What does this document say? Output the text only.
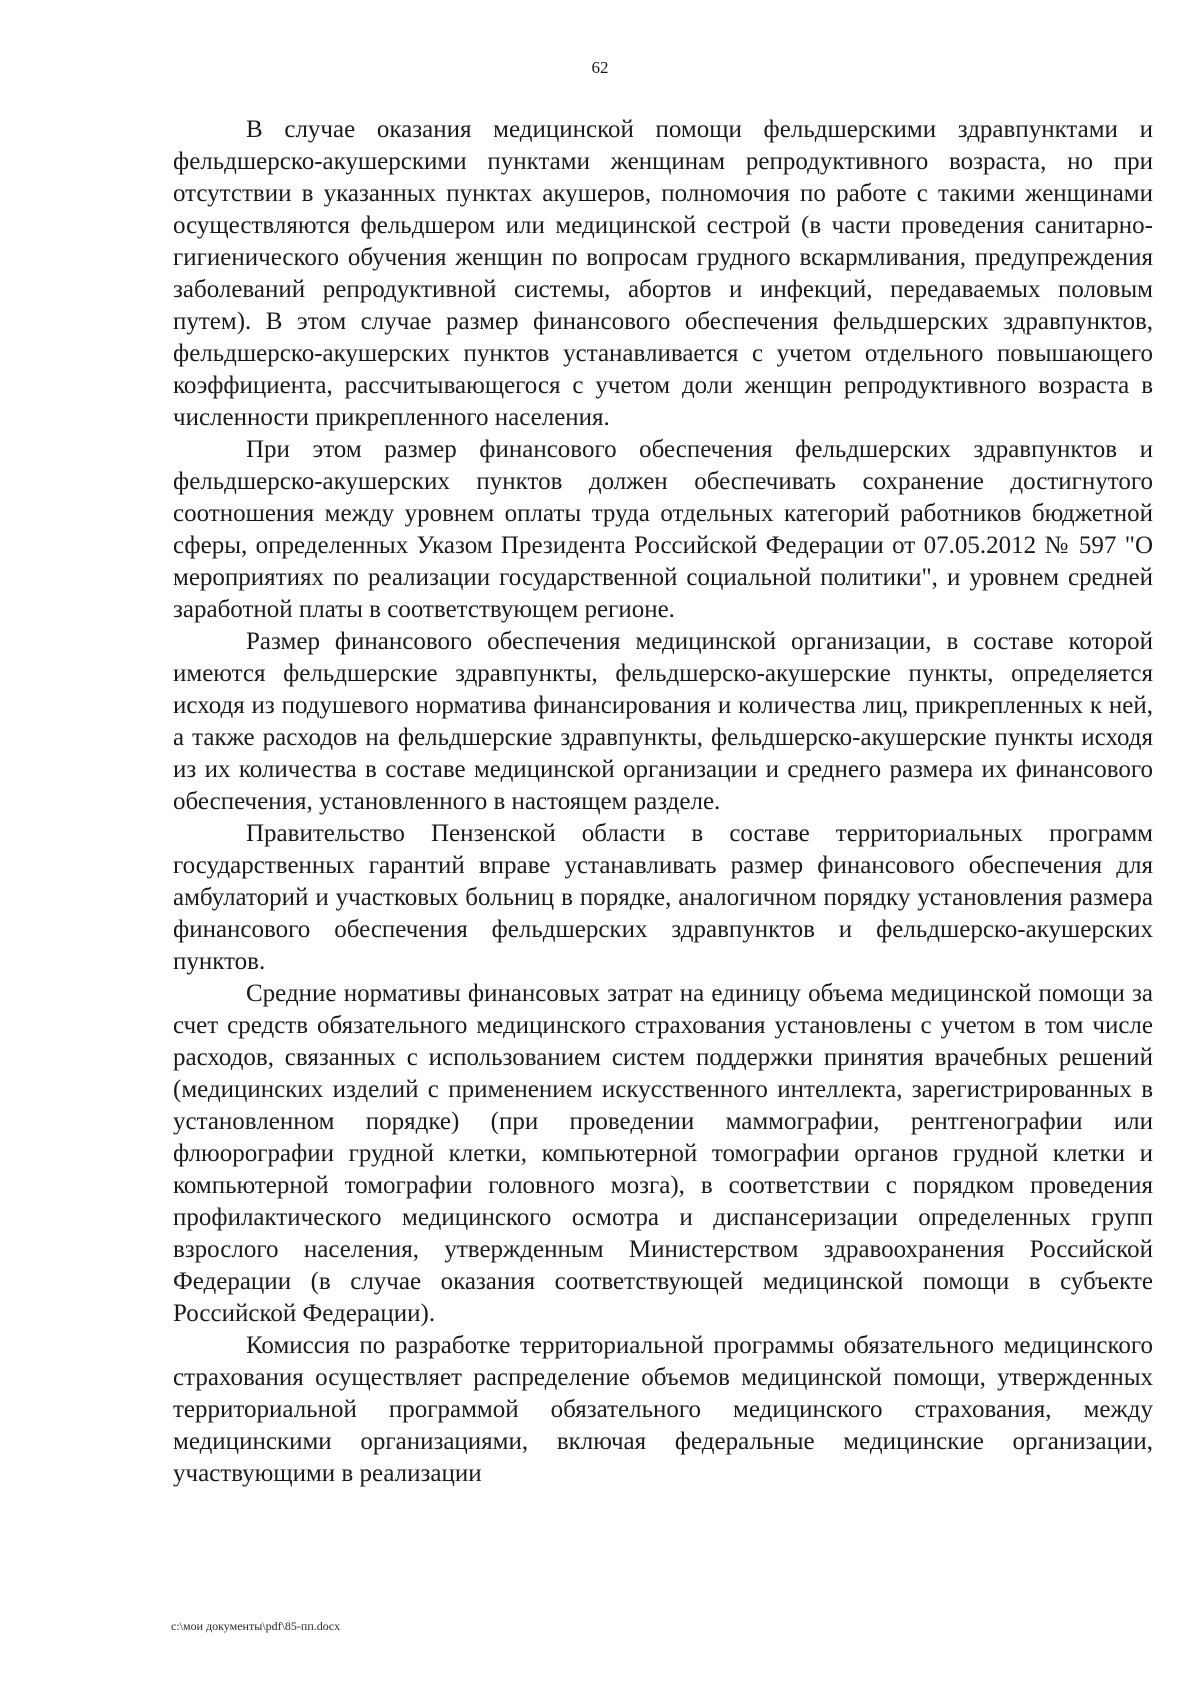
62

В случае оказания медицинской помощи фельдшерскими здравпунктами и фельдшерско-акушерскими пунктами женщинам репродуктивного возраста, но при отсутствии в указанных пунктах акушеров, полномочия по работе с такими женщинами осуществляются фельдшером или медицинской сестрой (в части проведения санитарно-гигиенического обучения женщин по вопросам грудного вскармливания, предупреждения заболеваний репродуктивной системы, абортов и инфекций, передаваемых половым путем). В этом случае размер финансового обеспечения фельдшерских здравпунктов, фельдшерско-акушерских пунктов устанавливается с учетом отдельного повышающего коэффициента, рассчитывающегося с учетом доли женщин репродуктивного возраста в численности прикрепленного населения.

При этом размер финансового обеспечения фельдшерских здравпунктов и фельдшерско-акушерских пунктов должен обеспечивать сохранение достигнутого соотношения между уровнем оплаты труда отдельных категорий работников бюджетной сферы, определенных Указом Президента Российской Федерации от 07.05.2012 № 597 "О мероприятиях по реализации государственной социальной политики", и уровнем средней заработной платы в соответствующем регионе.

Размер финансового обеспечения медицинской организации, в составе которой имеются фельдшерские здравпункты, фельдшерско-акушерские пункты, определяется исходя из подушевого норматива финансирования и количества лиц, прикрепленных к ней, а также расходов на фельдшерские здравпункты, фельдшерско-акушерские пункты исходя из их количества в составе медицинской организации и среднего размера их финансового обеспечения, установленного в настоящем разделе.

Правительство Пензенской области в составе территориальных программ государственных гарантий вправе устанавливать размер финансового обеспечения для амбулаторий и участковых больниц в порядке, аналогичном порядку установления размера финансового обеспечения фельдшерских здравпунктов и фельдшерско-акушерских пунктов.

Средние нормативы финансовых затрат на единицу объема медицинской помощи за счет средств обязательного медицинского страхования установлены с учетом в том числе расходов, связанных с использованием систем поддержки принятия врачебных решений (медицинских изделий с применением искусственного интеллекта, зарегистрированных в установленном порядке) (при проведении маммографии, рентгенографии или флюорографии грудной клетки, компьютерной томографии органов грудной клетки и компьютерной томографии головного мозга), в соответствии с порядком проведения профилактического медицинского осмотра и диспансеризации определенных групп взрослого населения, утвержденным Министерством здравоохранения Российской Федерации (в случае оказания соответствующей медицинской помощи в субъекте Российской Федерации).

Комиссия по разработке территориальной программы обязательного медицинского страхования осуществляет распределение объемов медицинской помощи, утвержденных территориальной программой обязательного медицинского страхования, между медицинскими организациями, включая федеральные медицинские организации, участвующими в реализации

c:\мои документы\pdf\85-пп.docx
